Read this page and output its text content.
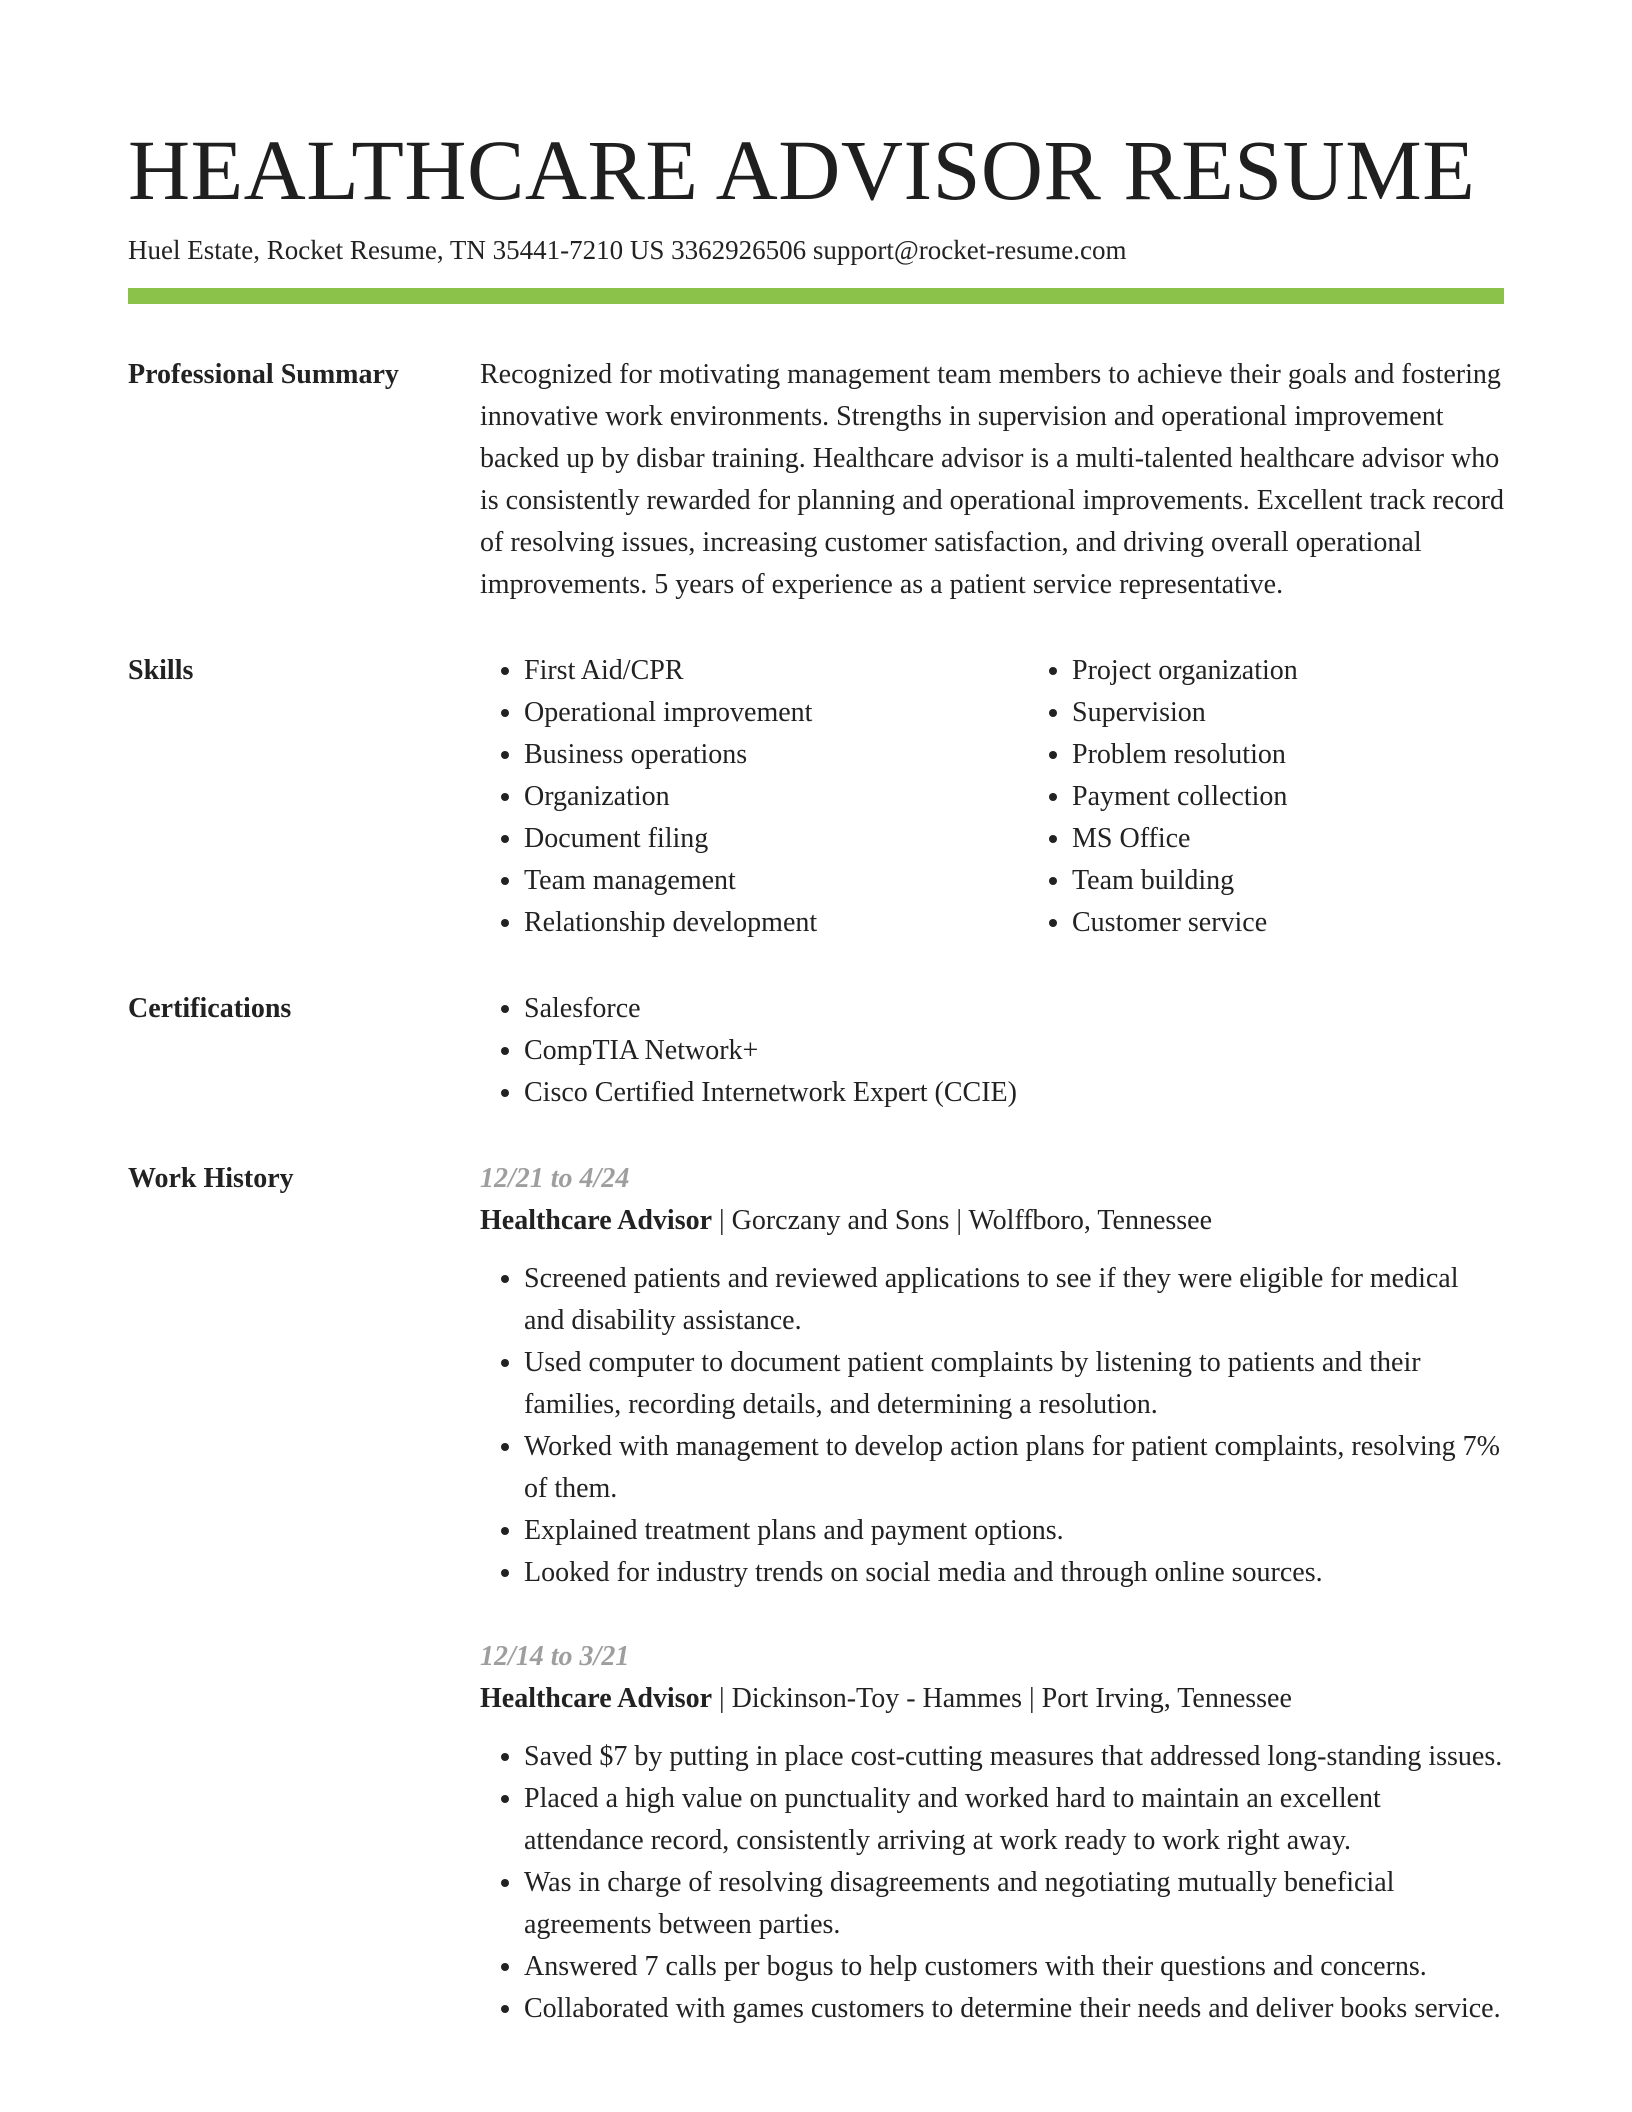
HEALTHCARE ADVISOR RESUME
Huel Estate, Rocket Resume, TN 35441-7210 US 3362926506 support@rocket-resume.com
Professional Summary	Recognized for motivating management team members to achieve their goals and fostering innovative work environments. Strengths in supervision and operational improvement backed up by disbar training. Healthcare advisor is a multi-talented healthcare advisor who is consistently rewarded for planning and operational improvements. Excellent track record of resolving issues, increasing customer satisfaction, and driving overall operational improvements. 5 years of experience as a patient service representative.

Skills	• First Aid/CPR
• Operational improvement
• Business operations
• Organization
• Document filing
• Team management
• Relationship development
• Project organization
• Supervision
• Problem resolution
• Payment collection
• MS Office
• Team building
• Customer service
Certifications	• Salesforce
• CompTIA Network+
• Cisco Certified Internetwork Expert (CCIE)
Work History	12/21 to 4/24
Healthcare Advisor | Gorczany and Sons | Wolffboro, Tennessee
• Screened patients and reviewed applications to see if they were eligible for medical and disability assistance.
• Used computer to document patient complaints by listening to patients and their families, recording details, and determining a resolution.
• Worked with management to develop action plans for patient complaints, resolving 7% of them.
• Explained treatment plans and payment options.
• Looked for industry trends on social media and through online sources.
12/14 to 3/21
Healthcare Advisor | Dickinson-Toy - Hammes | Port Irving, Tennessee
• Saved $7 by putting in place cost-cutting measures that addressed long-standing issues.
• Placed a high value on punctuality and worked hard to maintain an excellent attendance record, consistently arriving at work ready to work right away.
• Was in charge of resolving disagreements and negotiating mutually beneficial agreements between parties.
• Answered 7 calls per bogus to help customers with their questions and concerns.
• Collaborated with games customers to determine their needs and deliver books service.
